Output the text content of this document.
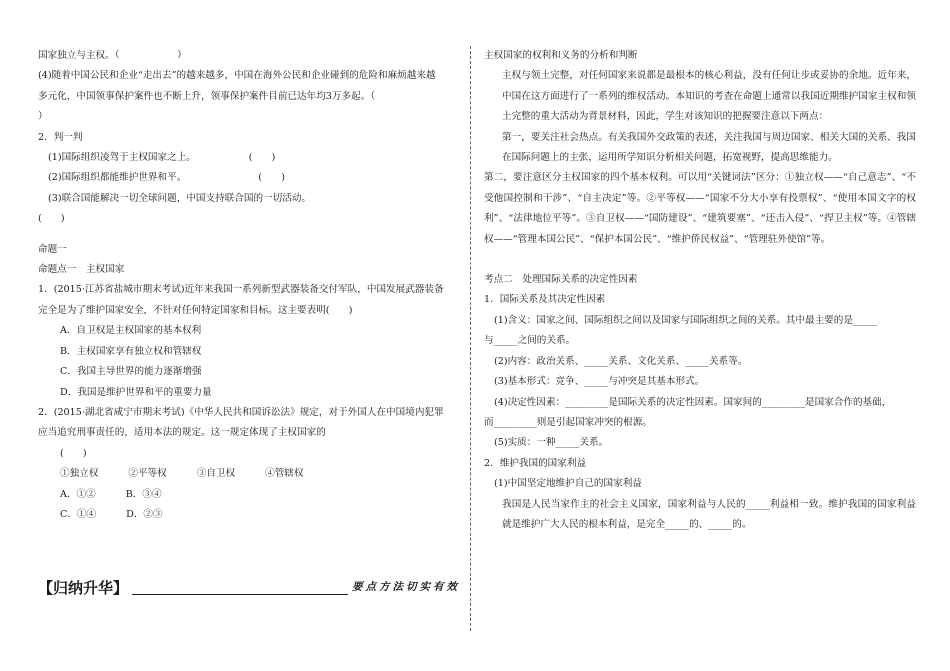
国家独立与主权。（　　　　　　）
(4)随着中国公民和企业“走出去”的越来越多，中国在海外公民和企业碰到的危险和麻烦越来越
多元化，中国领事保护案件也不断上升，领事保护案件目前已达年均3万多起。（
）
2．判一判
(1)国际组织凌驾于主权国家之上。　　　　　　(　　)
(2)国际组织都能维护世界和平。　　　　　　　　(　　)
(3)联合国能解决一切全球问题，中国支持联合国的一切活动。
(　　)
命题一
命题点一　主权国家
1．(2015·江苏省盐城市期末考试)近年来我国一系列新型武器装备交付军队，中国发展武器装备
完全是为了维护国家安全，不针对任何特定国家和目标。这主要表明(　　)
A．自卫权是主权国家的基本权利
B．主权国家享有独立权和管辖权
C．我国主导世界的能力逐渐增强
D．我国是维护世界和平的重要力量
2．(2015·湖北省咸宁市期末考试)《中华人民共和国诉讼法》规定，对于外国人在中国境内犯罪
应当追究刑事责任的，适用本法的规定。这一规定体现了主权国家的
(　　)
①独立权	②平等权	③自卫权	④管辖权
A．①②	B．③④
C．①④	D．②③
【归纳升华】	要点方法切实有效
主权国家的权利和义务的分析和判断
主权与领土完整，对任何国家来说都是最根本的核心利益，没有任何让步或妥协的余地。近年来，中国在这方面进行了一系列的维权活动。本知识的考查在命题上通常以我国近期维护国家主权和领土完整的重大活动为背景材料，因此，学生对该知识的把握要注意以下两点：
第一，要关注社会热点。有关我国外交政策的表述，关注我国与周边国家、相关大国的关系、我国在国际问题上的主张，运用所学知识分析相关问题，拓宽视野，提高思维能力。
第二，要注意区分主权国家的四个基本权利。可以用“关键词法”区分：①独立权——“自己意志”、“不受他国控制和干涉”、“自主决定”等。②平等权——“国家不分大小享有投票权”、“使用本国文字的权利”、“法律地位平等”。③自卫权——“国防建设”、“建筑要塞”、“还击入侵”、“捍卫主权”等。④管辖权——“管理本国公民”、“保护本国公民”、“维护侨民权益”、“管理驻外使馆”等。
考点二　处理国际关系的决定性因素
1．国际关系及其决定性因素
(1)含义：国家之间、国际组织之间以及国家与国际组织之间的关系。其中最主要的是_____
与_____之间的关系。
(2)内容：政治关系、_____关系、文化关系、_____关系等。
(3)基本形式：竞争、_____与冲突是其基本形式。
(4)决定性因素：_________是国际关系的决定性因素。国家间的_________是国家合作的基础，
而_________则是引起国家冲突的根源。
(5)实质：一种_____关系。
2．维护我国的国家利益
(1)中国坚定地维护自己的国家利益
我国是人民当家作主的社会主义国家，国家利益与人民的_____利益相一致。维护我国的国家利益就是维护广大人民的根本利益，是完全_____的、_____的。
